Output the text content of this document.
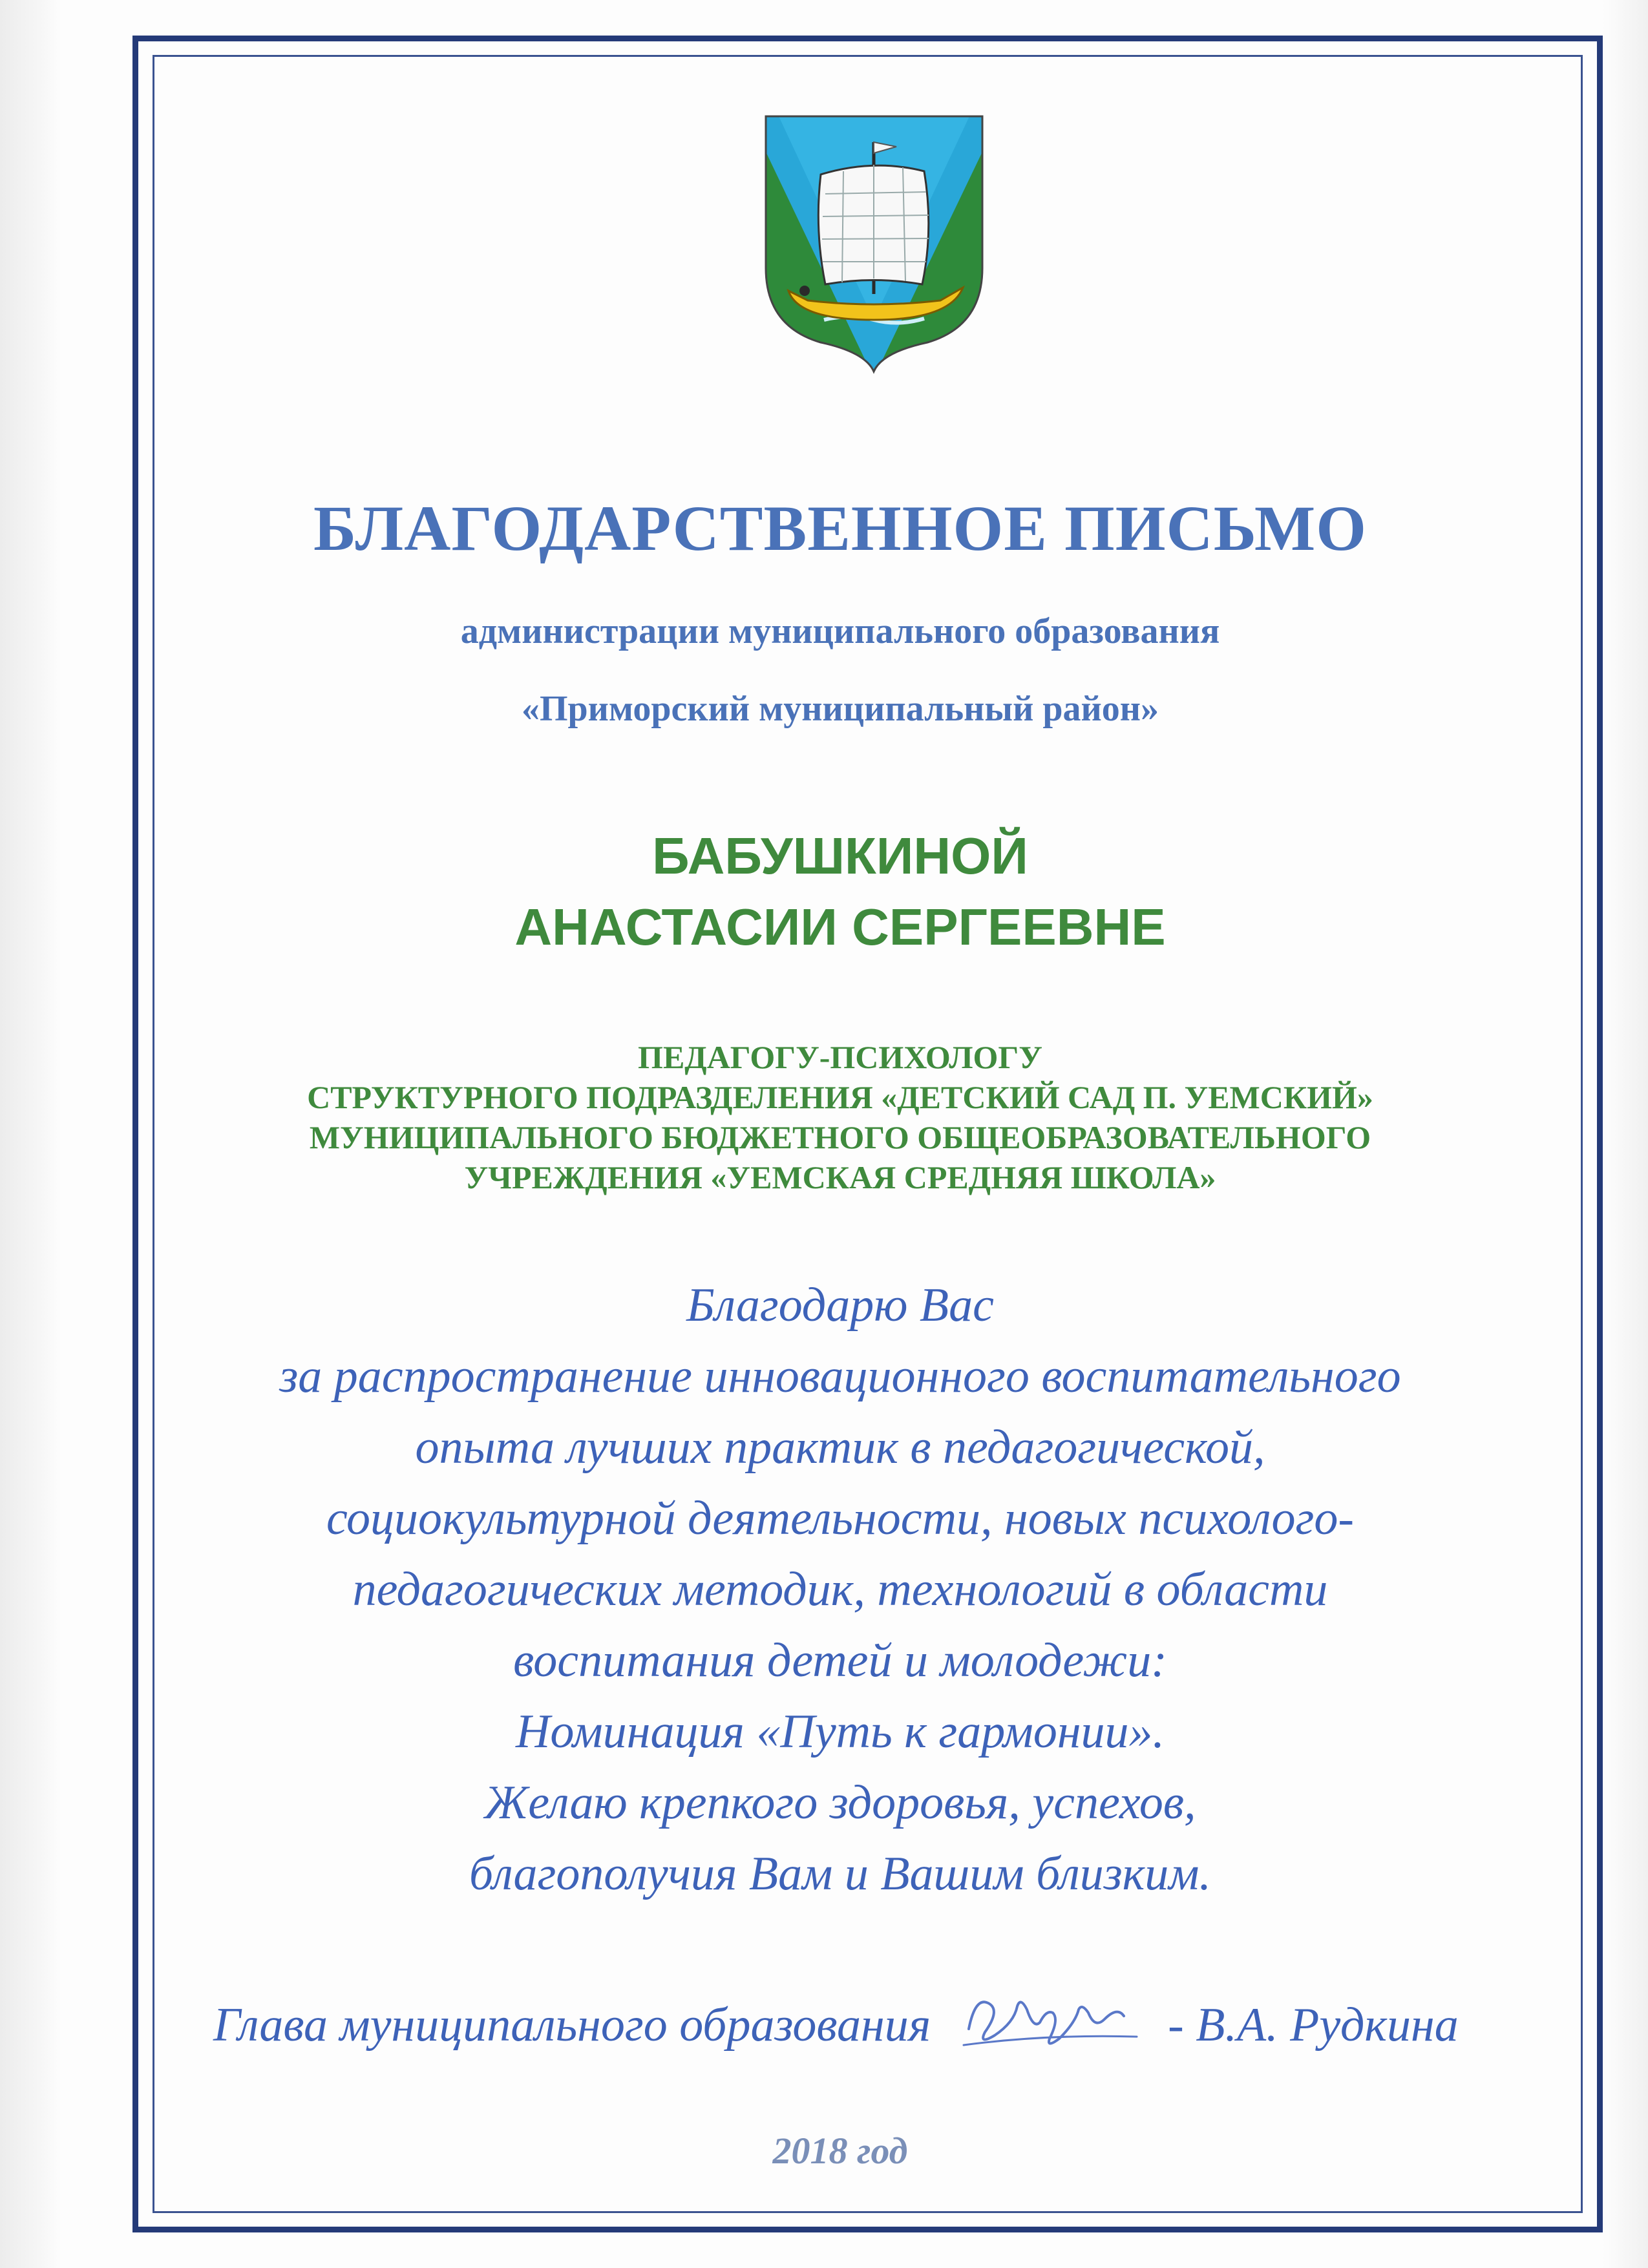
БЛАГОДАРСТВЕННОЕ ПИСЬМО
администрации муниципального образования
«Приморский муниципальный район»
БАБУШКИНОЙ
АНАСТАСИИ СЕРГЕЕВНЕ
ПЕДАГОГУ-ПСИХОЛОГУ
СТРУКТУРНОГО ПОДРАЗДЕЛЕНИЯ «ДЕТСКИЙ САД П. УЕМСКИЙ»
МУНИЦИПАЛЬНОГО БЮДЖЕТНОГО ОБЩЕОБРАЗОВАТЕЛЬНОГО
УЧРЕЖДЕНИЯ «УЕМСКАЯ СРЕДНЯЯ ШКОЛА»
Благодарю Вас
за распространение инновационного воспитательного
опыта лучших практик в педагогической,
социокультурной деятельности, новых психолого-
педагогических методик, технологий в области
воспитания детей и молодежи:
Номинация «Путь к гармонии».
Желаю крепкого здоровья, успехов,
благополучия Вам и Вашим близким.
Глава муниципального образования	- В.А. Рудкина
2018 год
